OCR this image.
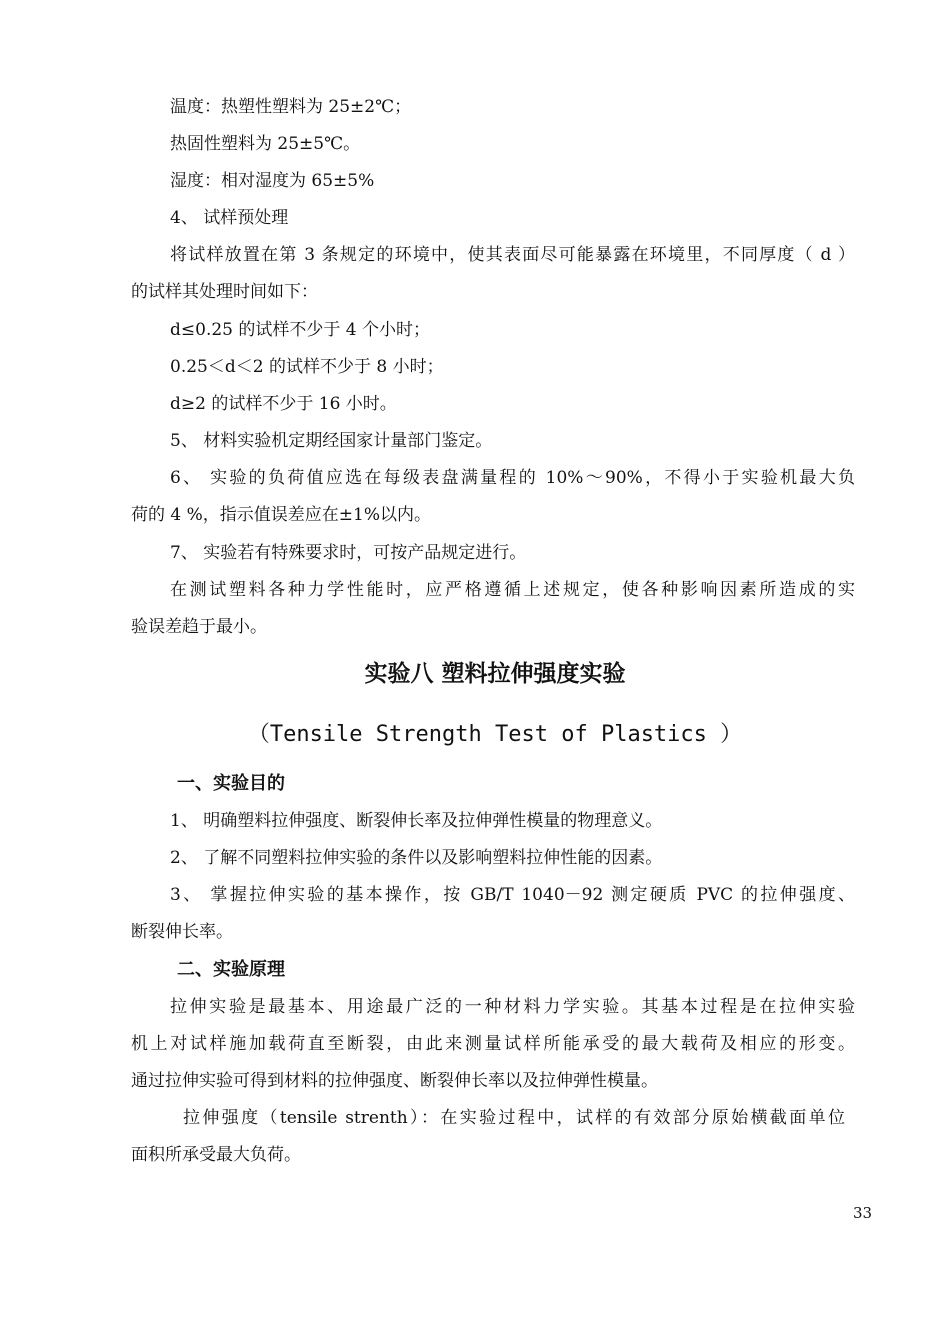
温度：热塑性塑料为 25±2℃；
热固性塑料为 25±5℃。
湿度：相对湿度为 65±5%
4、 试样预处理
将试样放置在第 3 条规定的环境中，使其表面尽可能暴露在环境里，不同厚度（ d ）
的试样其处理时间如下：
d≤0.25 的试样不少于 4 个小时；
0.25＜d＜2 的试样不少于 8 小时；
d≥2 的试样不少于 16 小时。
5、 材料实验机定期经国家计量部门鉴定。
6、 实验的负荷值应选在每级表盘满量程的 10%～90%，不得小于实验机最大负
荷的 4 %，指示值误差应在±1%以内。
7、 实验若有特殊要求时，可按产品规定进行。
在测试塑料各种力学性能时，应严格遵循上述规定，使各种影响因素所造成的实
验误差趋于最小。
实验八 塑料拉伸强度实验
（Tensile Strength Test of Plastics ）
一、实验目的
1、 明确塑料拉伸强度、断裂伸长率及拉伸弹性模量的物理意义。
2、 了解不同塑料拉伸实验的条件以及影响塑料拉伸性能的因素。
3、 掌握拉伸实验的基本操作，按 GB/T 1040－92 测定硬质 PVC 的拉伸强度、
断裂伸长率。
二、实验原理
拉伸实验是最基本、用途最广泛的一种材料力学实验。其基本过程是在拉伸实验
机上对试样施加载荷直至断裂，由此来测量试样所能承受的最大载荷及相应的形变。
通过拉伸实验可得到材料的拉伸强度、断裂伸长率以及拉伸弹性模量。
拉伸强度（tensile strenth）：在实验过程中，试样的有效部分原始横截面单位
面积所承受最大负荷。
33
